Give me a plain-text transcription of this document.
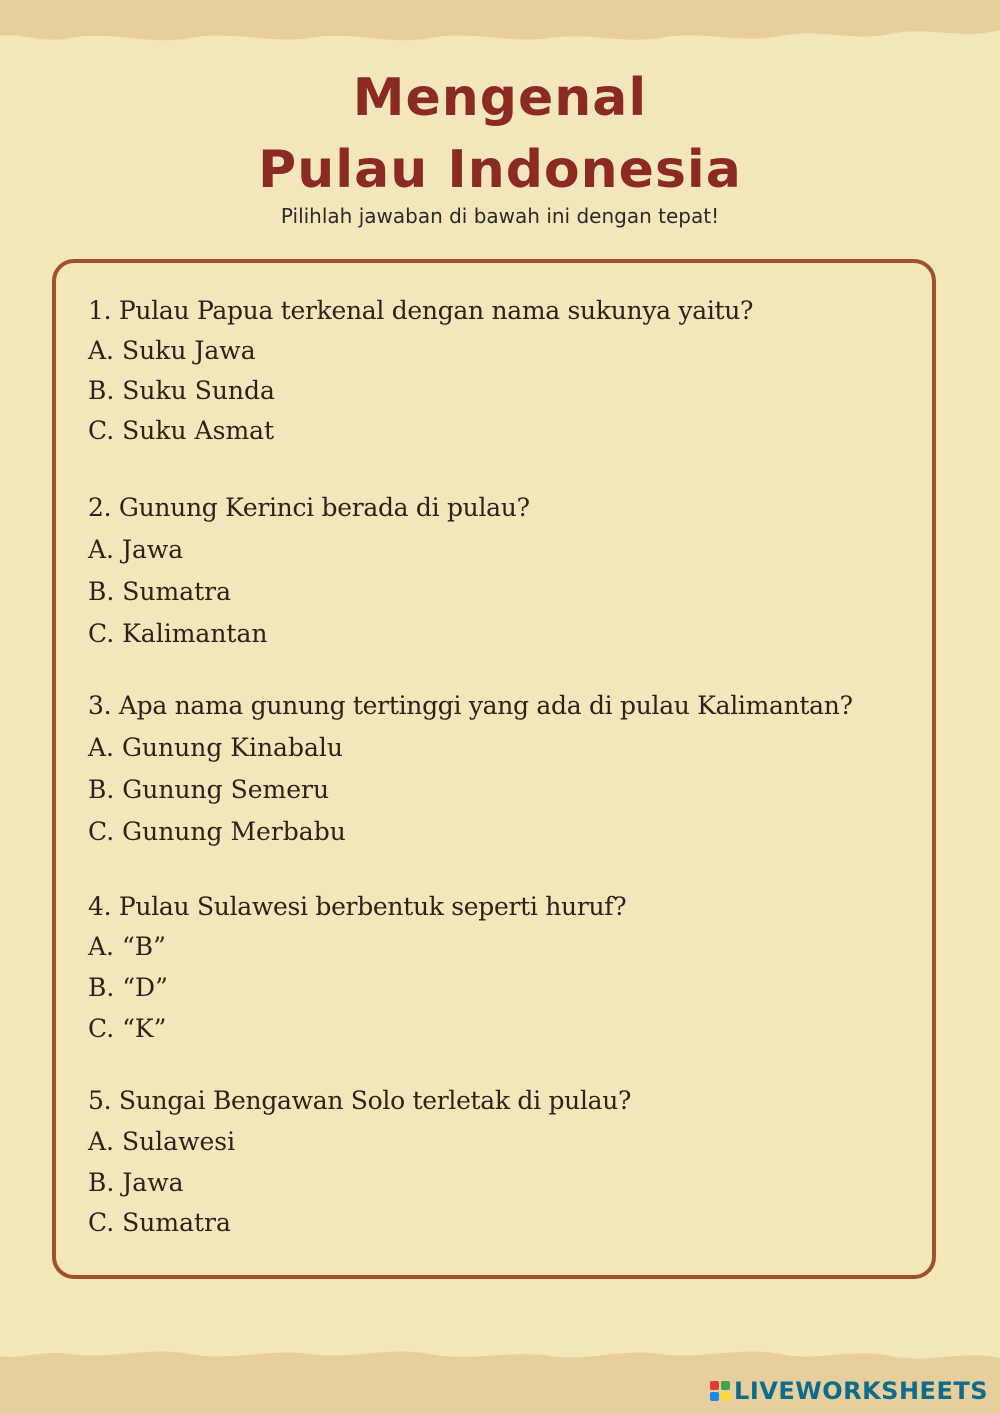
Mengenal
Pulau Indonesia
Pilihlah jawaban di bawah ini dengan tepat!
1. Pulau Papua terkenal dengan nama sukunya yaitu?
A. Suku Jawa
B. Suku Sunda
C. Suku Asmat
2. Gunung Kerinci berada di pulau?
A. Jawa
B. Sumatra
C. Kalimantan
3. Apa nama gunung tertinggi yang ada di pulau Kalimantan?
A. Gunung Kinabalu
B. Gunung Semeru
C. Gunung Merbabu
4. Pulau Sulawesi berbentuk seperti huruf?
A. “B”
B. “D”
C. “K”
5. Sungai Bengawan Solo terletak di pulau?
A. Sulawesi
B. Jawa
C. Sumatra
LIVEWORKSHEETS
